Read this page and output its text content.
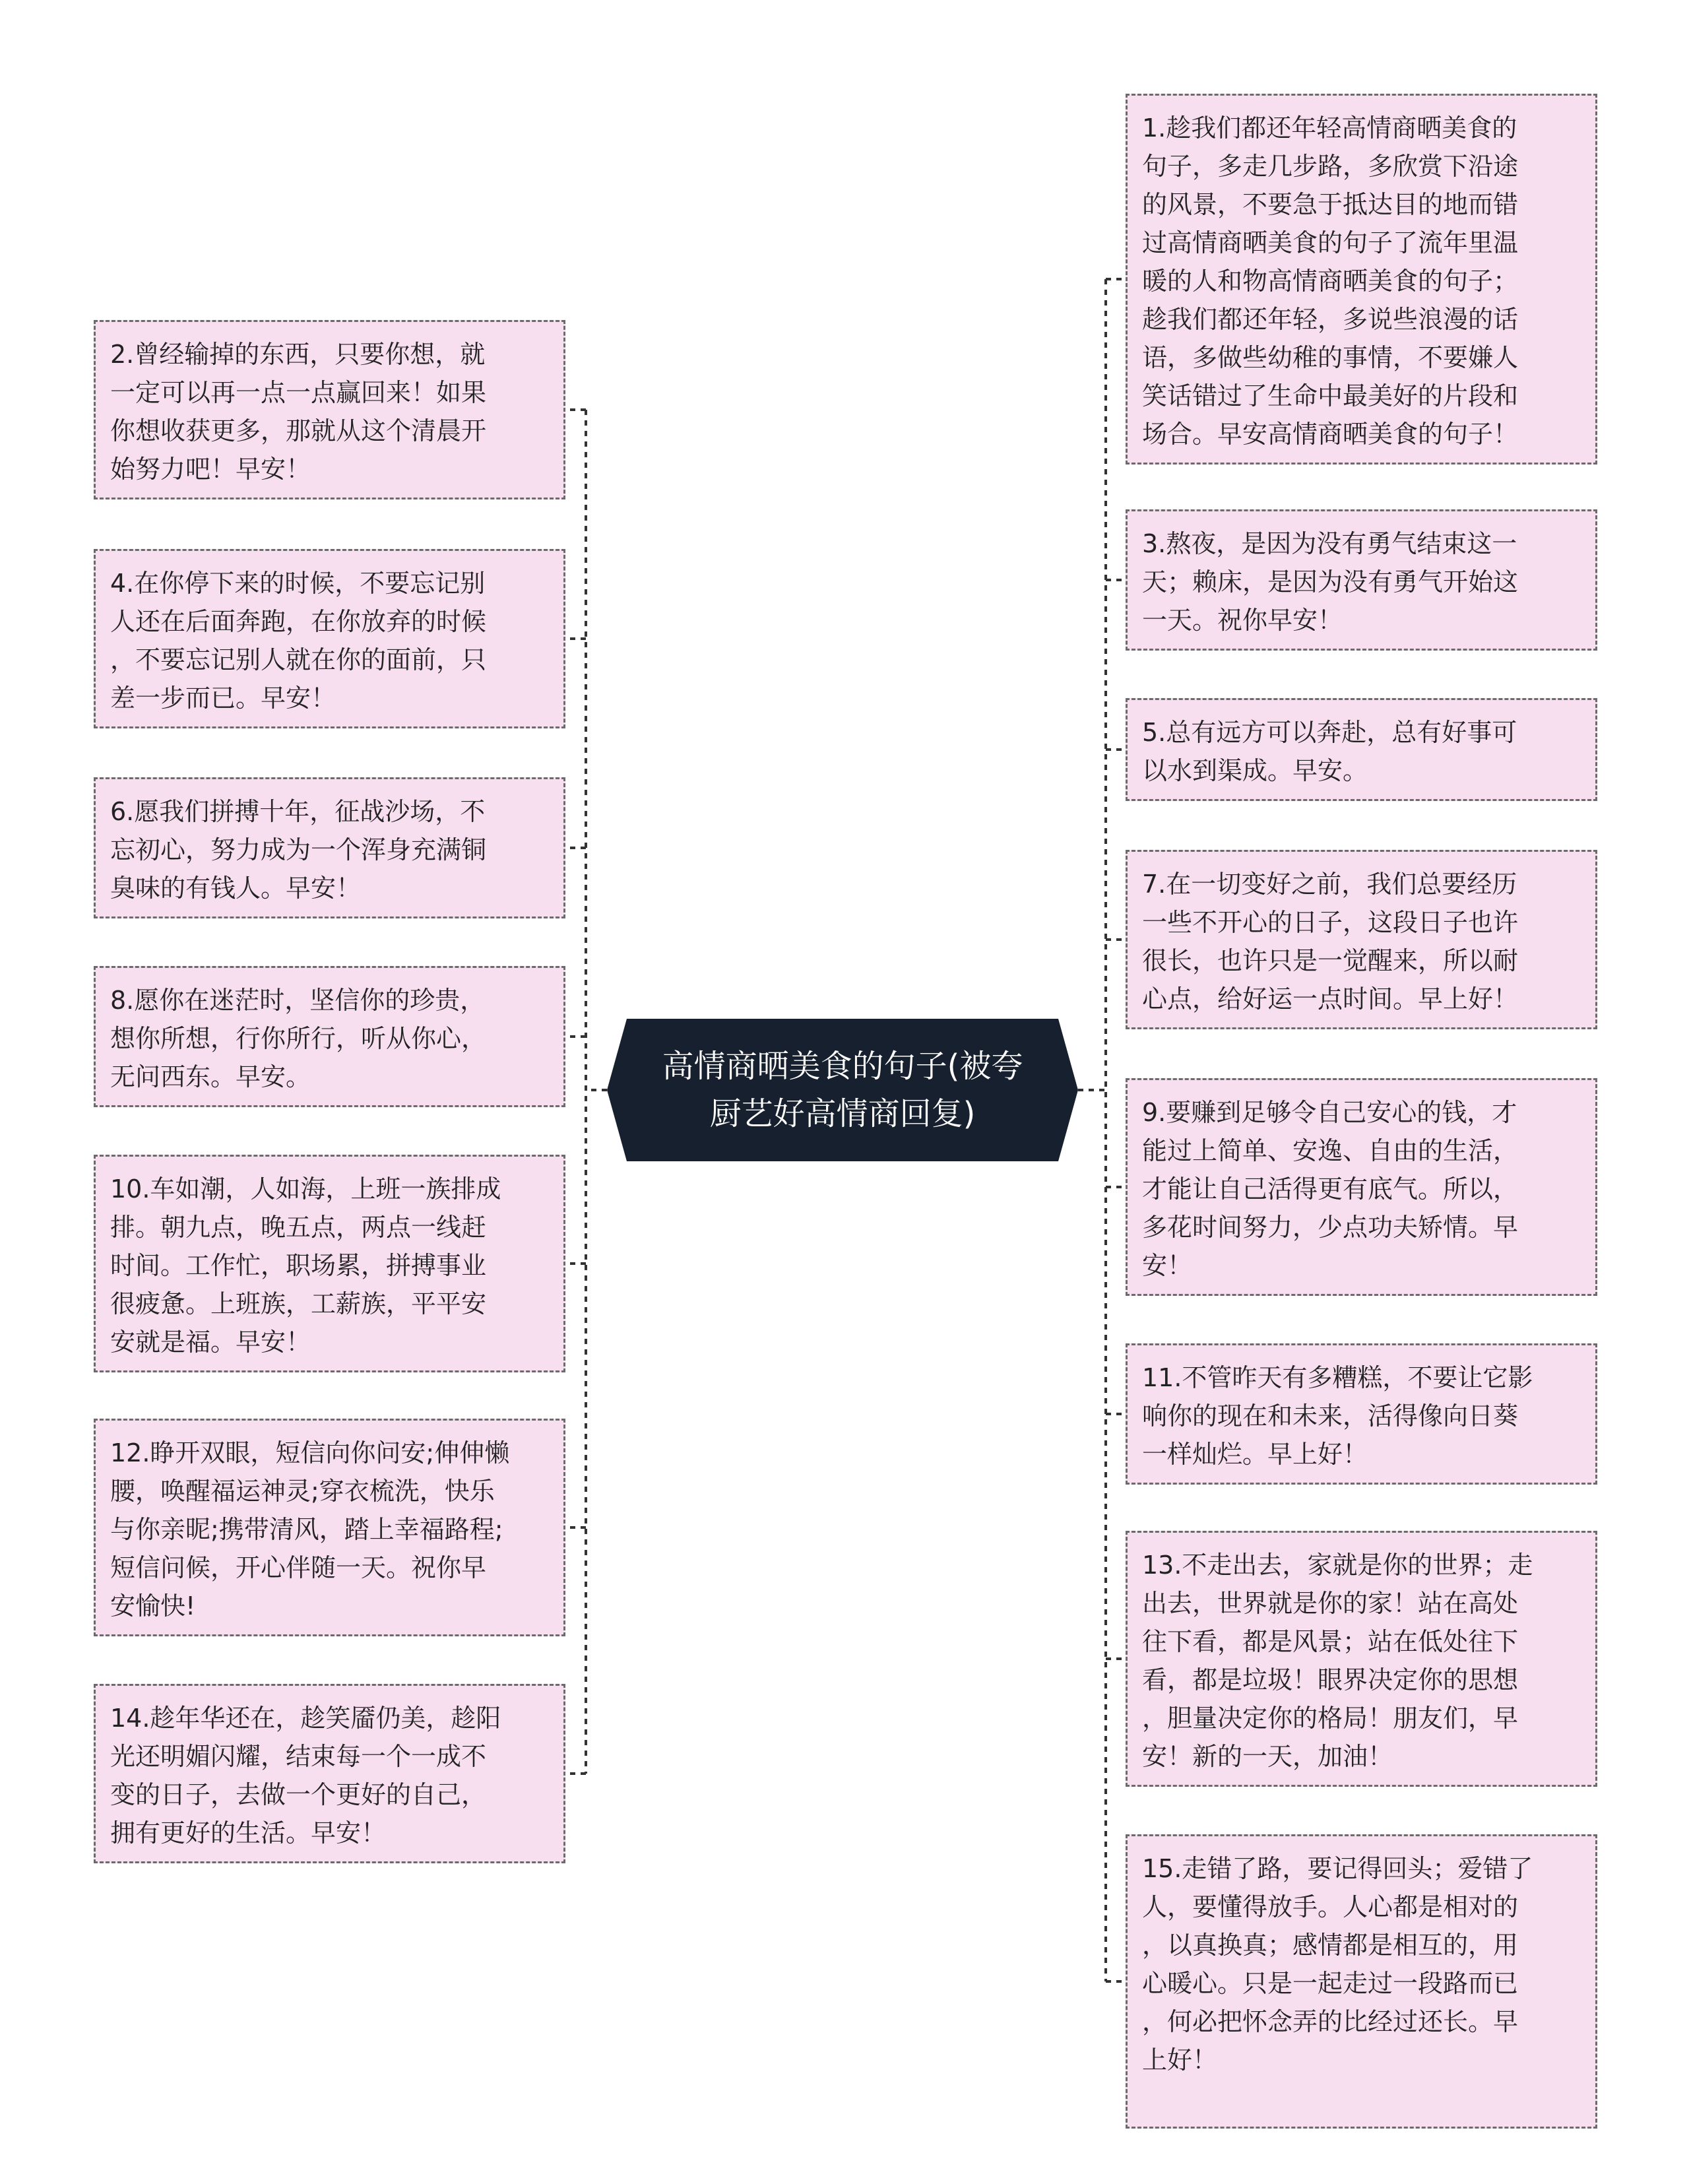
高情商晒美食的句子(被夸
厨艺好高情商回复)
2.曾经输掉的东西，只要你想，就
一定可以再一点一点赢回来！如果
你想收获更多，那就从这个清晨开
始努力吧！早安！
4.在你停下来的时候，不要忘记别
人还在后面奔跑，在你放弃的时候
，不要忘记别人就在你的面前，只
差一步而已。早安！
6.愿我们拼搏十年，征战沙场，不
忘初心，努力成为一个浑身充满铜
臭味的有钱人。早安！
8.愿你在迷茫时，坚信你的珍贵，
想你所想，行你所行，听从你心，
无问西东。早安。
10.车如潮，人如海，上班一族排成
排。朝九点，晚五点，两点一线赶
时间。工作忙，职场累，拼搏事业
很疲惫。上班族，工薪族，平平安
安就是福。早安！
12.睁开双眼，短信向你问安;伸伸懒
腰，唤醒福运神灵;穿衣梳洗，快乐
与你亲昵;携带清风，踏上幸福路程;
短信问候，开心伴随一天。祝你早
安愉快!
14.趁年华还在，趁笑靥仍美，趁阳
光还明媚闪耀，结束每一个一成不
变的日子，去做一个更好的自己，
拥有更好的生活。早安！
1.趁我们都还年轻高情商晒美食的
句子，多走几步路，多欣赏下沿途
的风景，不要急于抵达目的地而错
过高情商晒美食的句子了流年里温
暖的人和物高情商晒美食的句子；
趁我们都还年轻，多说些浪漫的话
语，多做些幼稚的事情，不要嫌人
笑话错过了生命中最美好的片段和
场合。早安高情商晒美食的句子！
3.熬夜，是因为没有勇气结束这一
天；赖床，是因为没有勇气开始这
一天。祝你早安！
5.总有远方可以奔赴，总有好事可
以水到渠成。早安。
7.在一切变好之前，我们总要经历
一些不开心的日子，这段日子也许
很长，也许只是一觉醒来，所以耐
心点，给好运一点时间。早上好！
9.要赚到足够令自己安心的钱，才
能过上简单、安逸、自由的生活，
才能让自己活得更有底气。所以，
多花时间努力，少点功夫矫情。早
安！
11.不管昨天有多糟糕，不要让它影
响你的现在和未来，活得像向日葵
一样灿烂。早上好！
13.不走出去，家就是你的世界；走
出去，世界就是你的家！站在高处
往下看，都是风景；站在低处往下
看，都是垃圾！眼界决定你的思想
，胆量决定你的格局！朋友们，早
安！新的一天，加油！
15.走错了路，要记得回头；爱错了
人，要懂得放手。人心都是相对的
，以真换真；感情都是相互的，用
心暖心。只是一起走过一段路而已
，何必把怀念弄的比经过还长。早
上好！
